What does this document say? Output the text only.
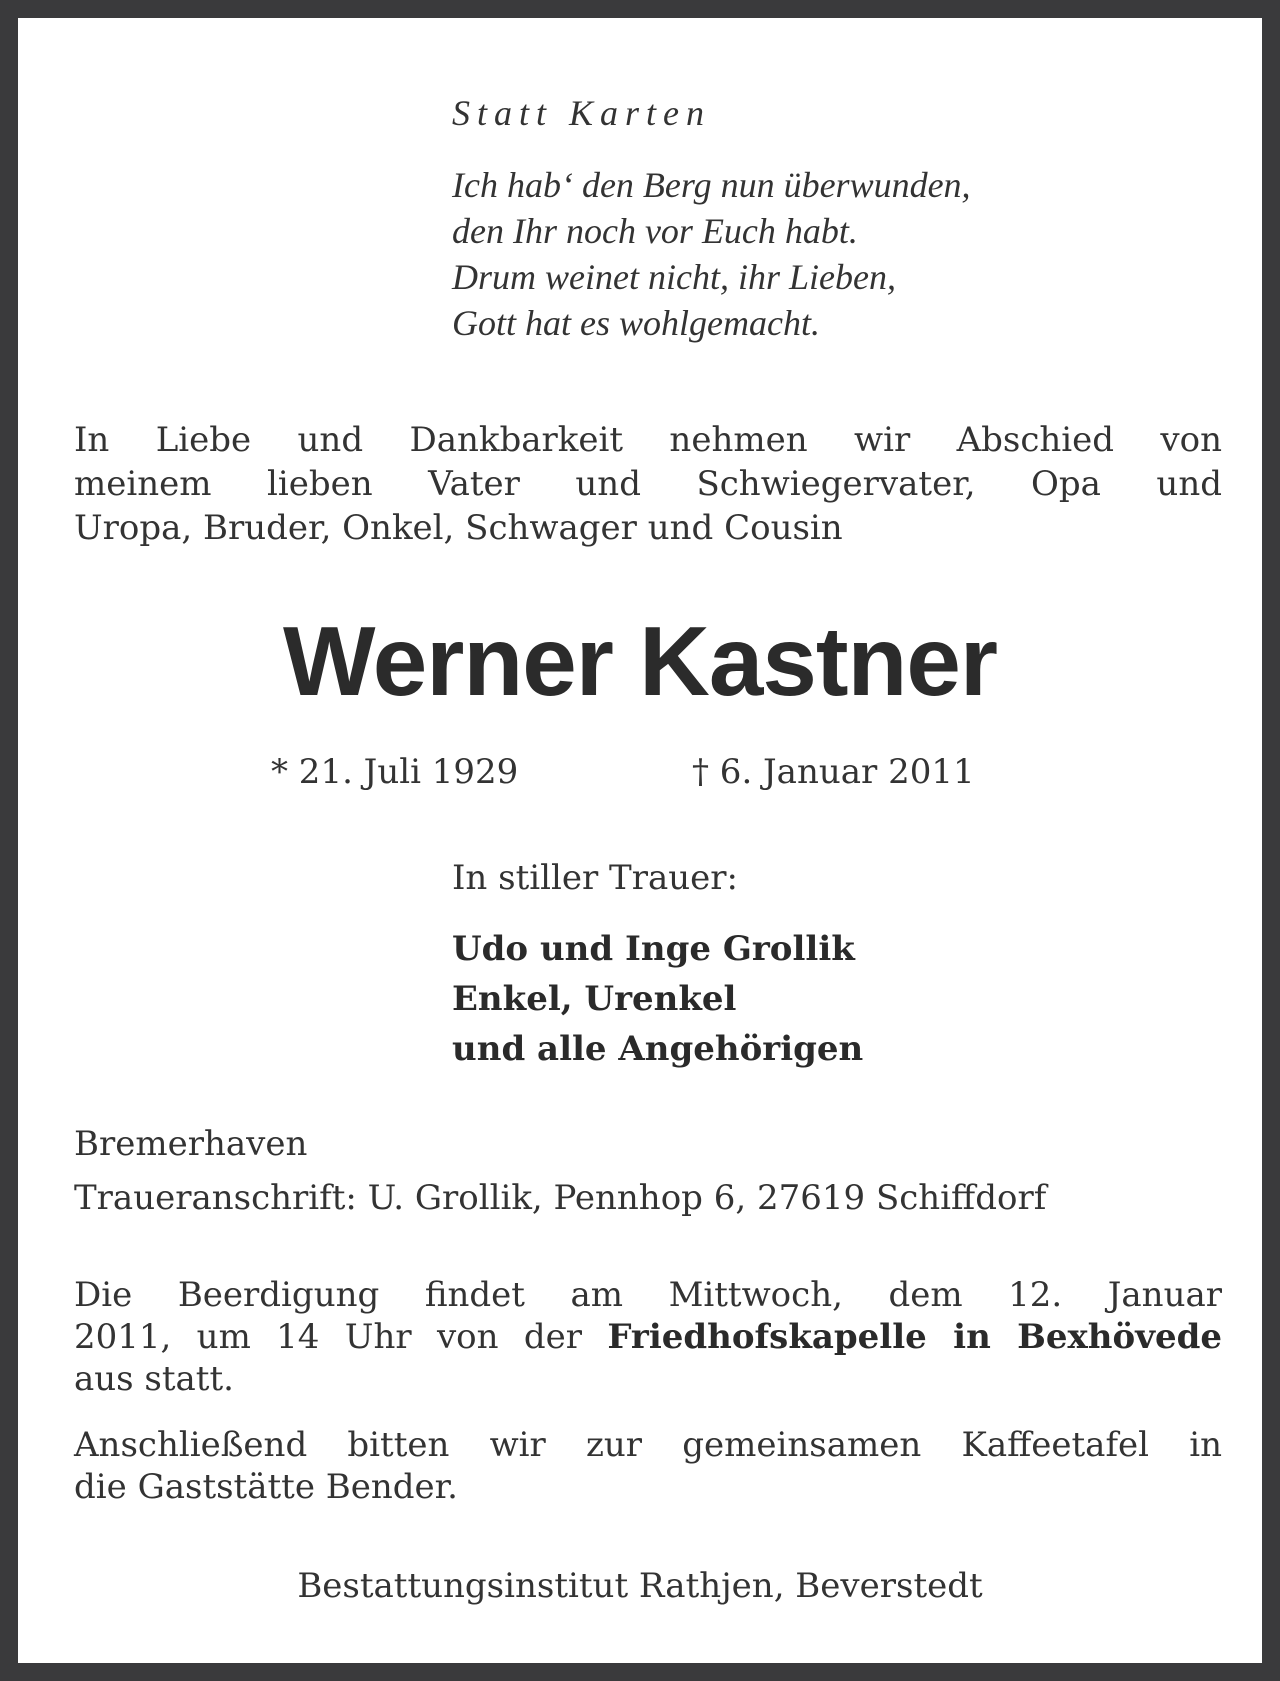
Statt Karten
Ich hab‘ den Berg nun überwunden,
den Ihr noch vor Euch habt.
Drum weinet nicht, ihr Lieben,
Gott hat es wohlgemacht.
In Liebe und Dankbarkeit nehmen wir Abschied von
meinem lieben Vater und Schwiegervater, Opa und
Uropa, Bruder, Onkel, Schwager und Cousin
Werner Kastner
* 21. Juli 1929	† 6. Januar 2011
In stiller Trauer:
Udo und Inge Grollik
Enkel, Urenkel
und alle Angehörigen
Bremerhaven
Traueranschrift: U. Grollik, Pennhop 6, 27619 Schiffdorf
Die Beerdigung findet am Mittwoch, dem 12. Januar
2011, um 14 Uhr von der Friedhofskapelle in Bexhövede
aus statt.
Anschließend bitten wir zur gemeinsamen Kaffeetafel in
die Gaststätte Bender.
Bestattungsinstitut Rathjen, Beverstedt
